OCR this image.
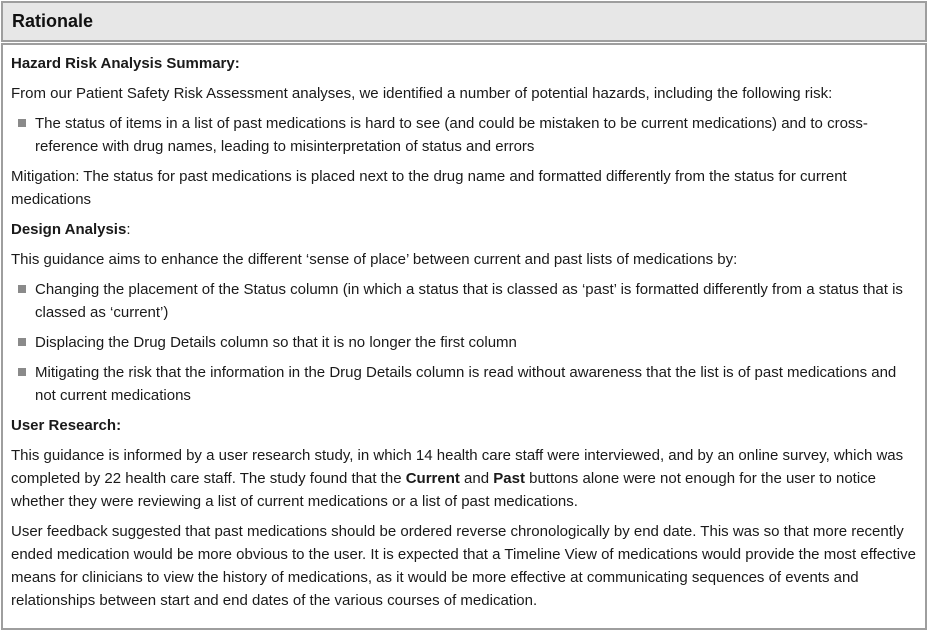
Rationale

Hazard Risk Analysis Summary:

From our Patient Safety Risk Assessment analyses, we identified a number of potential hazards, including the following risk:

The status of items in a list of past medications is hard to see (and could be mistaken to be current medications) and to cross-reference with drug names, leading to misinterpretation of status and errors

Mitigation: The status for past medications is placed next to the drug name and formatted differently from the status for current medications

Design Analysis:

This guidance aims to enhance the different ‘sense of place’ between current and past lists of medications by:

Changing the placement of the Status column (in which a status that is classed as ‘past’ is formatted differently from a status that is classed as ‘current’)
Displacing the Drug Details column so that it is no longer the first column
Mitigating the risk that the information in the Drug Details column is read without awareness that the list is of past medications and not current medications

User Research:

This guidance is informed by a user research study, in which 14 health care staff were interviewed, and by an online survey, which was completed by 22 health care staff. The study found that the Current and Past buttons alone were not enough for the user to notice whether they were reviewing a list of current medications or a list of past medications.

User feedback suggested that past medications should be ordered reverse chronologically by end date. This was so that more recently ended medication would be more obvious to the user. It is expected that a Timeline View of medications would provide the most effective means for clinicians to view the history of medications, as it would be more effective at communicating sequences of events and relationships between start and end dates of the various courses of medication.
